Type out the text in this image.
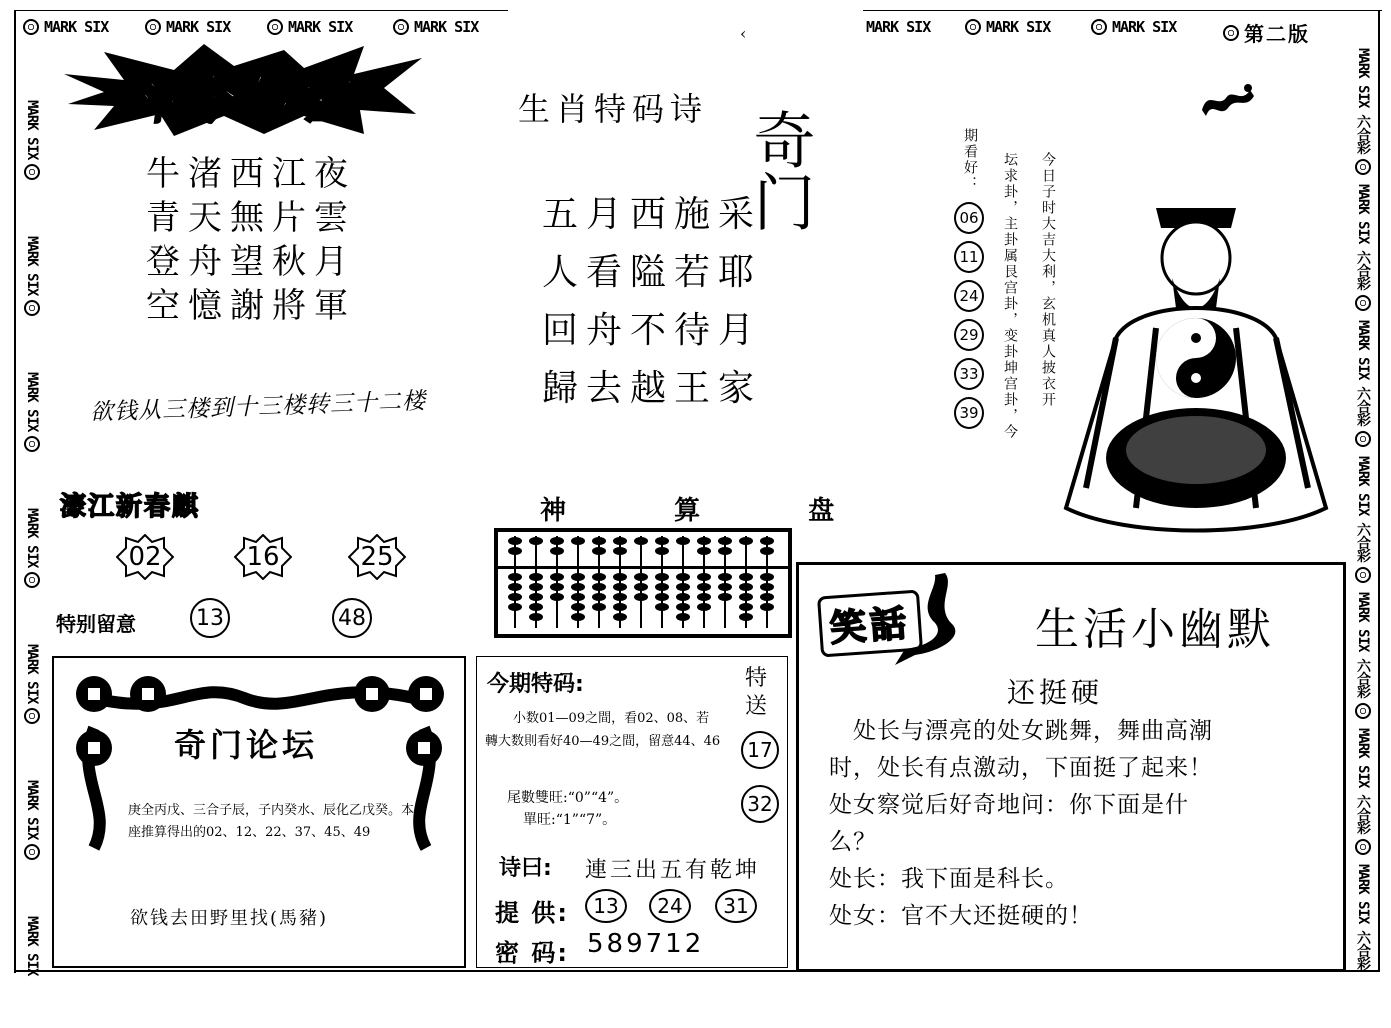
MARK SIX	MARK SIX	MARK SIX	MARK SIX	‹	MARK SIX	MARK SIX	MARK SIX	第二版
MARK SIX
MARK SIX
MARK SIX
MARK SIX
MARK SIX
MARK SIX
MARK SIX
MARK SIX 六合彩
MARK SIX 六合彩
MARK SIX 六合彩
MARK SIX 六合彩
MARK SIX 六合彩
MARK SIX 六合彩
MARK SIX 六合彩
斗今传密
牛渚西江夜
青天無片雲
登舟望秋月
空憶謝將軍
欲钱从三楼到十三楼转三十二楼
濠江新春麒
02	16	25
特别留意	13	48
生肖特码诗
五月西施采
人看隘若耶
回舟不待月
歸去越王家
奇门
神  算  盘
今日子时大吉大利，玄机真人披衣开
坛求卦，主卦属艮宫卦，变卦坤宫卦，今
期看好：
06
11
24
29
33
39
奇门论坛
庚全丙戊、三合子辰，子内癸水、辰化乙戊癸。本座推算得出的02、12、22、37、45、49
欲钱去田野里找(馬豬)
今期特码:	特送
小数01—09之間，看02、08、若轉大数則看好40—49之間，留意44、46	17
32
尾數雙旺:“0”“4”。
單旺:“1”“7”。
诗曰: 連三出五有乾坤
提 供:	13	24	31
密 码: 589712
笑話	生活小幽默
还挺硬
处长与漂亮的处女跳舞，舞曲高潮
时，处长有点激动，下面挺了起来！
处女察觉后好奇地问：你下面是什
么？
处长：我下面是科长。
处女：官不大还挺硬的！
